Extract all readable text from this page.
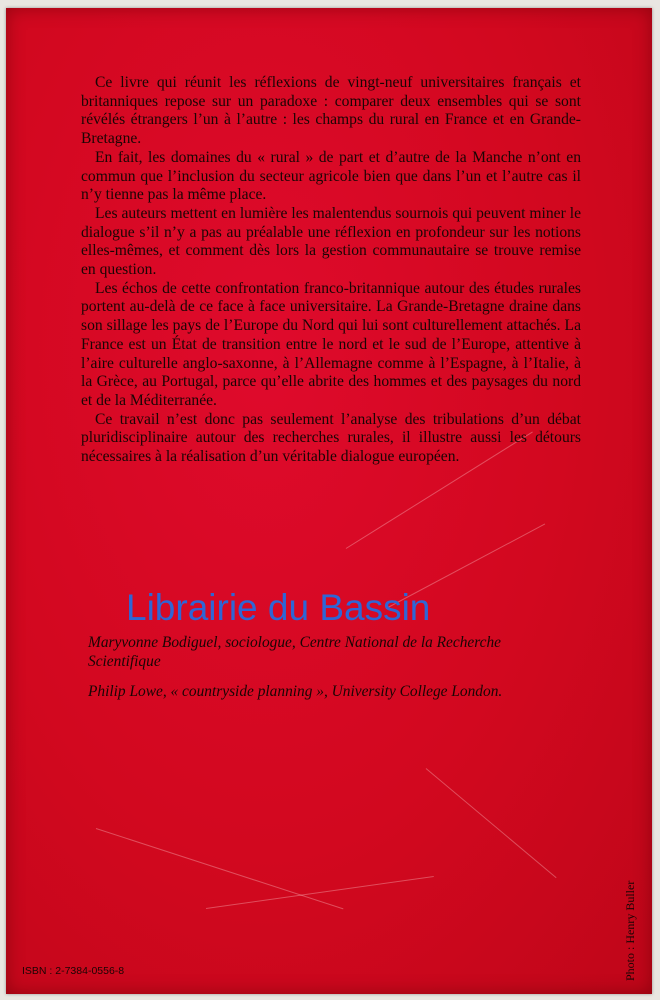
Ce livre qui réunit les réflexions de vingt-neuf universitaires français et britanniques repose sur un paradoxe : comparer deux ensembles qui se sont révélés étrangers l’un à l’autre : les champs du rural en France et en Grande-Bretagne.

En fait, les domaines du « rural » de part et d’autre de la Manche n’ont en commun que l’inclusion du secteur agricole bien que dans l’un et l’autre cas il n’y tienne pas la même place.

Les auteurs mettent en lumière les malentendus sournois qui peuvent miner le dialogue s’il n’y a pas au préalable une réflexion en profondeur sur les notions elles-mêmes, et comment dès lors la gestion communautaire se trouve remise en question.

Les échos de cette confrontation franco-britannique autour des études rurales portent au-delà de ce face à face universitaire. La Grande-Bretagne draine dans son sillage les pays de l’Europe du Nord qui lui sont culturellement attachés. La France est un État de transition entre le nord et le sud de l’Europe, attentive à l’aire culturelle anglo-saxonne, à l’Allemagne comme à l’Espagne, à l’Italie, à la Grèce, au Portugal, parce qu’elle abrite des hommes et des paysages du nord et de la Méditerranée.

Ce travail n’est donc pas seulement l’analyse des tribulations d’un débat pluridisciplinaire autour des recherches rurales, il illustre aussi les détours nécessaires à la réalisation d’un véritable dialogue européen.

Maryvonne Bodiguel, sociologue, Centre National de la Recherche Scientifique
Philip Lowe, « countryside planning », University College London.
ISBN : 2-7384-0556-8	Photo : Henry Buller
Librairie du Bassin
